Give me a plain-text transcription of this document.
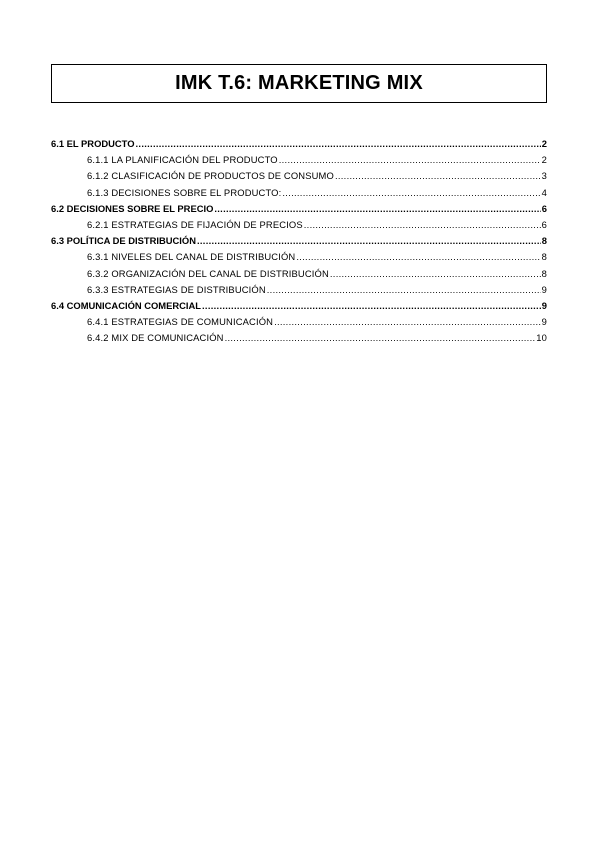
IMK T.6: MARKETING MIX
6.1 EL PRODUCTO .....	2
6.1.1 LA PLANIFICACIÓN DEL PRODUCTO .....	2
6.1.2 CLASIFICACIÓN DE PRODUCTOS DE CONSUMO .....	3
6.1.3 DECISIONES SOBRE EL PRODUCTO: .....	4
6.2 DECISIONES SOBRE EL PRECIO .....	6
6.2.1 ESTRATEGIAS DE FIJACIÓN DE PRECIOS .....	6
6.3 POLÍTICA DE DISTRIBUCIÓN .....	8
6.3.1 NIVELES DEL CANAL DE DISTRIBUCIÓN .....	8
6.3.2 ORGANIZACIÓN DEL CANAL DE DISTRIBUCIÓN .....	8
6.3.3 ESTRATEGIAS DE DISTRIBUCIÓN .....	9
6.4 COMUNICACIÓN COMERCIAL .....	9
6.4.1 ESTRATEGIAS DE COMUNICACIÓN .....	9
6.4.2 MIX DE COMUNICACIÓN .....	10
